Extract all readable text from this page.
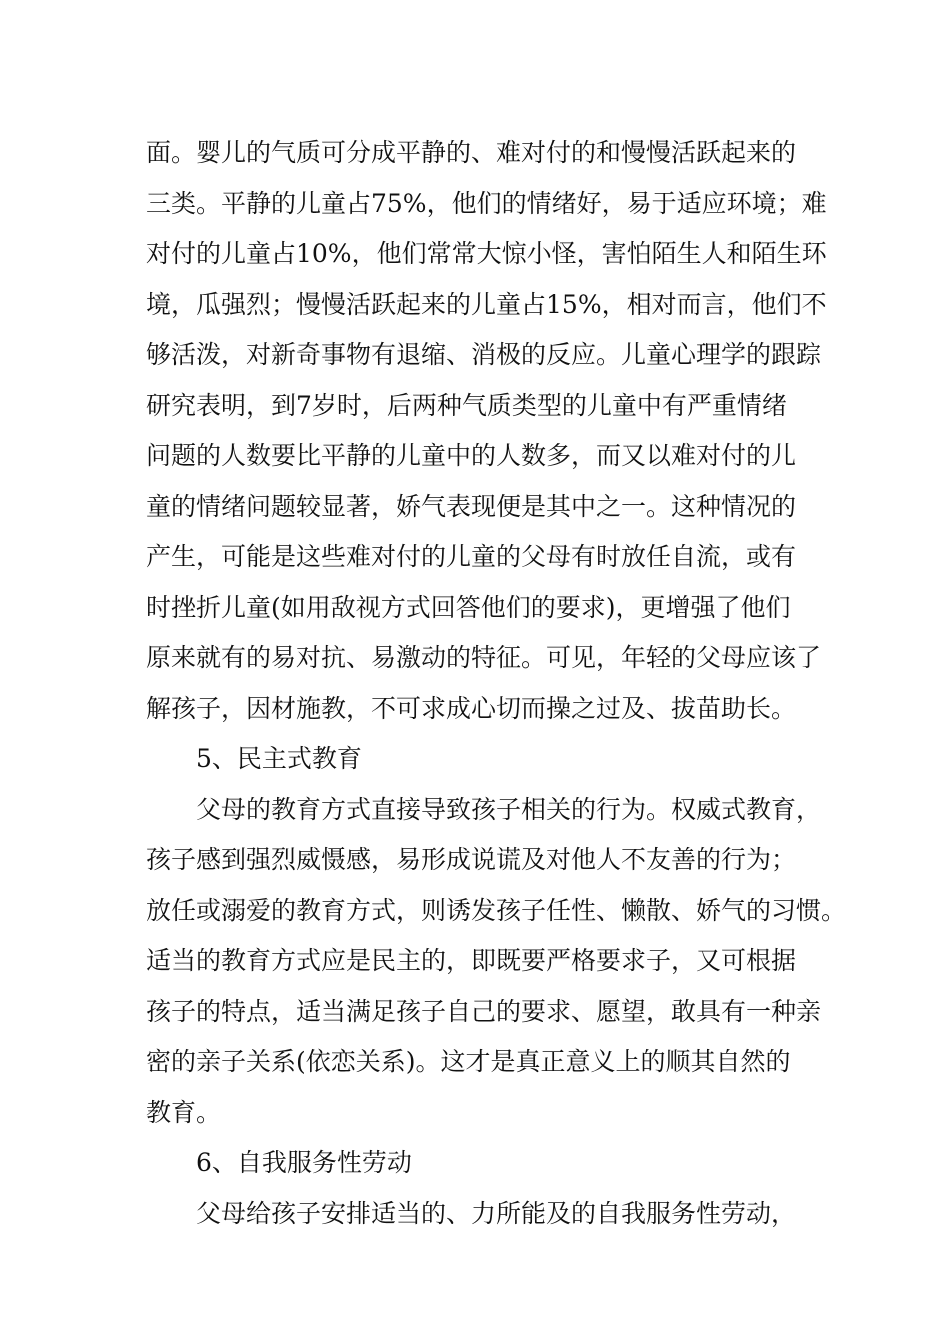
面。婴儿的气质可分成平静的、难对付的和慢慢活跃起来的
三类。平静的儿童占75%，他们的情绪好，易于适应环境；难
对付的儿童占10%，他们常常大惊小怪，害怕陌生人和陌生环
境，瓜强烈；慢慢活跃起来的儿童占15%，相对而言，他们不
够活泼，对新奇事物有退缩、消极的反应。儿童心理学的跟踪
研究表明，到7岁时，后两种气质类型的儿童中有严重情绪
问题的人数要比平静的儿童中的人数多，而又以难对付的儿
童的情绪问题较显著，娇气表现便是其中之一。这种情况的
产生，可能是这些难对付的儿童的父母有时放任自流，或有
时挫折儿童(如用敌视方式回答他们的要求)，更增强了他们
原来就有的易对抗、易激动的特征。可见，年轻的父母应该了
解孩子，因材施教，不可求成心切而操之过及、拔苗助长。
5、民主式教育
父母的教育方式直接导致孩子相关的行为。权威式教育，
孩子感到强烈威慑感，易形成说谎及对他人不友善的行为；
放任或溺爱的教育方式，则诱发孩子任性、懒散、娇气的习惯。
适当的教育方式应是民主的，即既要严格要求子，又可根据
孩子的特点，适当满足孩子自己的要求、愿望，敢具有一种亲
密的亲子关系(依恋关系)。这才是真正意义上的顺其自然的
教育。
6、自我服务性劳动
父母给孩子安排适当的、力所能及的自我服务性劳动，
